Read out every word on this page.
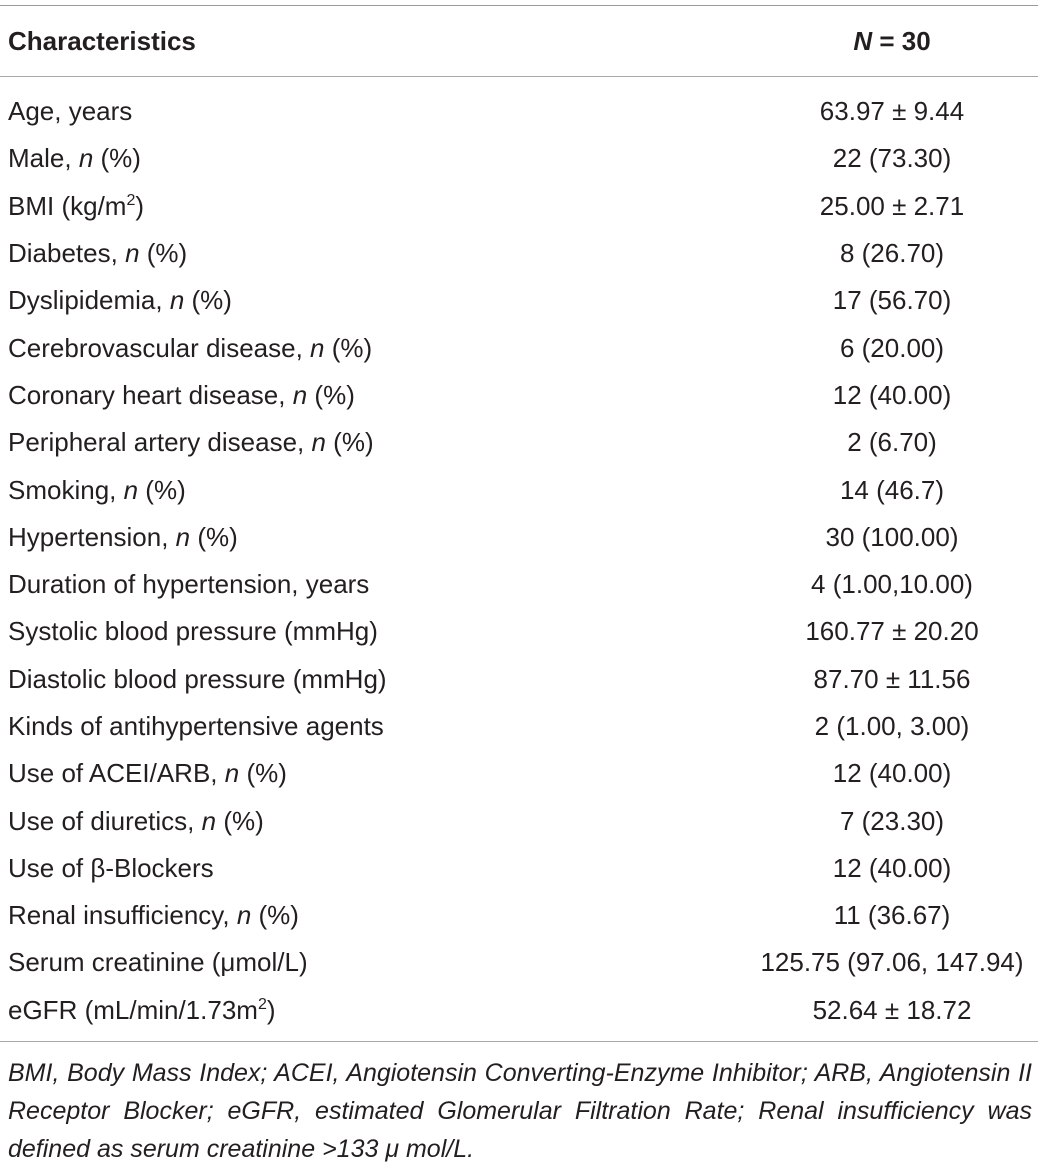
Characteristics	N = 30
Age, years	63.97 ± 9.44
Male, n (%)	22 (73.30)
BMI $(kg/m^2)$	25.00 ± 2.71
Diabetes, n (%)	8 (26.70)
Dyslipidemia, n (%)	17 (56.70)
Cerebrovascular disease, n (%)	6 (20.00)
Coronary heart disease, n (%)	12 (40.00)
Peripheral artery disease, n (%)	2 (6.70)
Smoking, n (%)	14 (46.7)
Hypertension, n (%)	30 (100.00)
Duration of hypertension, years	4 (1.00,10.00)
Systolic blood pressure (mmHg)	160.77 ± 20.20
Diastolic blood pressure (mmHg)	87.70 ± 11.56
Kinds of antihypertensive agents	2 (1.00, 3.00)
Use of ACEI/ARB, n (%)	12 (40.00)
Use of diuretics, n (%)	7 (23.30)
Use of β-Blockers	12 (40.00)
Renal insufficiency, n (%)	11 (36.67)
Serum creatinine (μmol/L)	125.75 (97.06, 147.94)
eGFR $(mL/\min/1.73m^2)$	52.64 ± 18.72
BMI, Body Mass Index; ACEI, Angiotensin Converting-Enzyme Inhibitor; ARB, Angiotensin II Receptor Blocker; eGFR, estimated Glomerular Filtration Rate; Renal insufficiency was defined as serum creatinine >133 μ mol/L.
